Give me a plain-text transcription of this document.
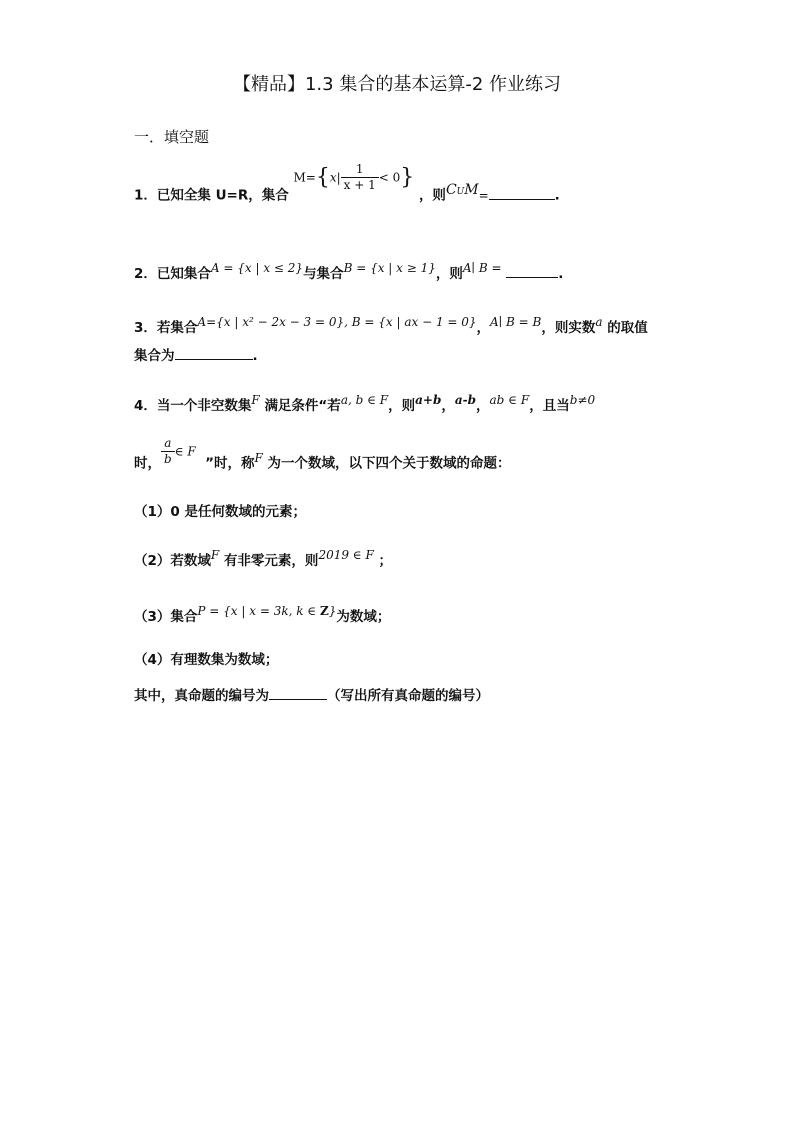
【精品】1.3 集合的基本运算-2 作业练习
一．填空题
1．已知全集 U=R，集合 $M=\{x| \frac{1}{x + 1} < 0\}$ ，则CUM=	.
2．已知集合A = {x | x ≤ 2}与集合B = {x | x ≥ 1}，则A∣ B =	.
3．若集合A={x | x² − 2x − 3 = 0}, B = {x | ax − 1 = 0}，A∣ B = B，则实数a 的取值
集合为	.
4．当一个非空数集F 满足条件“若a, b ∈ F，则a+b，a-b，ab ∈ F，且当b≠0
时， $\frac{a}{b}$ ∈ F  ”时，称F 为一个数域，以下四个关于数域的命题：
（1）0 是任何数域的元素；
（2）若数域F 有非零元素，则2019 ∈ F ；
（3）集合P = {x | x = 3k, k ∈ Z}为数域；
（4）有理数集为数域；
其中，真命题的编号为	（写出所有真命题的编号）
